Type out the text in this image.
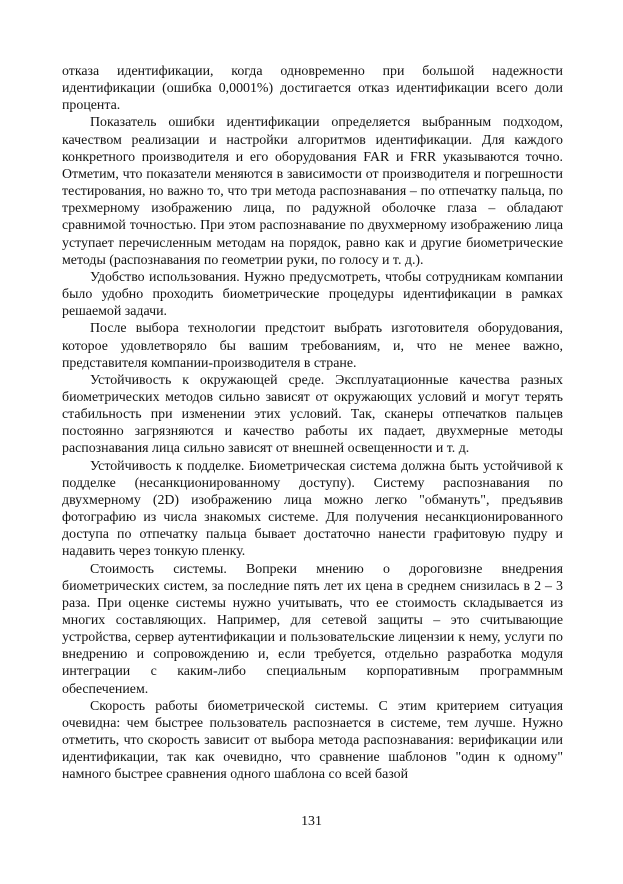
отказа идентификации, когда одновременно при большой надежности идентификации (ошибка 0,0001%) достигается отказ идентификации всего доли процента.

Показатель ошибки идентификации определяется выбранным подходом, качеством реализации и настройки алгоритмов идентификации. Для каждого конкретного производителя и его оборудования FAR и FRR указываются точно. Отметим, что показатели меняются в зависимости от производителя и погрешности тестирования, но важно то, что три метода распознавания – по отпечатку пальца, по трехмерному изображению лица, по радужной оболочке глаза – обладают сравнимой точностью. При этом распознавание по двухмерному изображению лица уступает перечисленным методам на порядок, равно как и другие биометрические методы (распознавания по геометрии руки, по голосу и т. д.).

Удобство использования. Нужно предусмотреть, чтобы сотрудникам компании было удобно проходить биометрические процедуры идентификации в рамках решаемой задачи.

После выбора технологии предстоит выбрать изготовителя оборудования, которое удовлетворяло бы вашим требованиям, и, что не менее важно, представителя компании-производителя в стране.

Устойчивость к окружающей среде. Эксплуатационные качества разных биометрических методов сильно зависят от окружающих условий и могут терять стабильность при изменении этих условий. Так, сканеры отпечатков пальцев постоянно загрязняются и качество работы их падает, двухмерные методы распознавания лица сильно зависят от внешней освещенности и т. д.

Устойчивость к подделке. Биометрическая система должна быть устойчивой к подделке (несанкционированному доступу). Систему распознавания по двухмерному (2D) изображению лица можно легко "обмануть", предъявив фотографию из числа знакомых системе. Для получения несанкционированного доступа по отпечатку пальца бывает достаточно нанести графитовую пудру и надавить через тонкую пленку.

Стоимость системы. Вопреки мнению о дороговизне внедрения биометрических систем, за последние пять лет их цена в среднем снизилась в 2 – 3 раза. При оценке системы нужно учитывать, что ее стоимость складывается из многих составляющих. Например, для сетевой защиты – это считывающие устройства, сервер аутентификации и пользовательские лицензии к нему, услуги по внедрению и сопровождению и, если требуется, отдельно разработка модуля интеграции с каким-либо специальным корпоративным программным обеспечением.

Скорость работы биометрической системы. С этим критерием ситуация очевидна: чем быстрее пользователь распознается в системе, тем лучше. Нужно отметить, что скорость зависит от выбора метода распознавания: верификации или идентификации, так как очевидно, что сравнение шаблонов "один к одному" намного быстрее сравнения одного шаблона со всей базой

131
